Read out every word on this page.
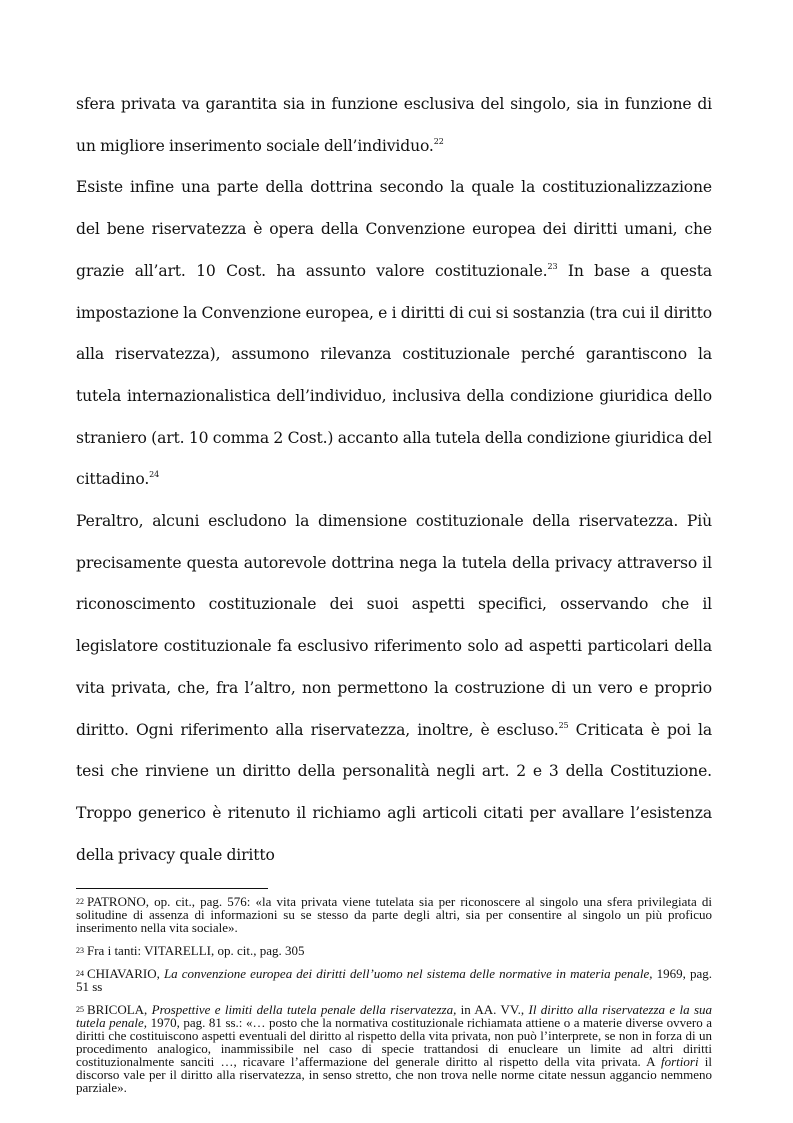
sfera privata va garantita sia in funzione esclusiva del singolo, sia in funzione di un migliore inserimento sociale dell’individuo.$^{22}$

Esiste infine una parte della dottrina secondo la quale la costituzionalizzazione del bene riservatezza è opera della Convenzione europea dei diritti umani, che grazie all’art. 10 Cost. ha assunto valore costituzionale.$^{23}$ In base a questa impostazione la Convenzione europea, e i diritti di cui si sostanzia (tra cui il diritto alla riservatezza), assumono rilevanza costituzionale perché garantiscono la tutela internazionalistica dell’individuo, inclusiva della condizione giuridica dello straniero (art. 10 comma 2 Cost.) accanto alla tutela della condizione giuridica del cittadino.$^{24}$

Peraltro, alcuni escludono la dimensione costituzionale della riservatezza. Più precisamente questa autorevole dottrina nega la tutela della privacy attraverso il riconoscimento costituzionale dei suoi aspetti specifici, osservando che il legislatore costituzionale fa esclusivo riferimento solo ad aspetti particolari della vita privata, che, fra l’altro, non permettono la costruzione di un vero e proprio diritto. Ogni riferimento alla riservatezza, inoltre, è escluso.$^{25}$ Criticata è poi la tesi che rinviene un diritto della personalità negli art. 2 e 3 della Costituzione. Troppo generico è ritenuto il richiamo agli articoli citati per avallare l’esistenza della privacy quale diritto

22 PATRONO, op. cit., pag. 576: «la vita privata viene tutelata sia per riconoscere al singolo una sfera privilegiata di solitudine di assenza di informazioni su se stesso da parte degli altri, sia per consentire al singolo un più proficuo inserimento nella vita sociale».
23 Fra i tanti: VITARELLI, op. cit., pag. 305
24 CHIAVARIO, La convenzione europea dei diritti dell’uomo nel sistema delle normative in materia penale, 1969, pag. 51 ss
25 BRICOLA, Prospettive e limiti della tutela penale della riservatezza, in AA. VV., Il diritto alla riservatezza e la sua tutela penale, 1970, pag. 81 ss.: «… posto che la normativa costituzionale richiamata attiene o a materie diverse ovvero a diritti che costituiscono aspetti eventuali del diritto al rispetto della vita privata, non può l’interprete, se non in forza di un procedimento analogico, inammissibile nel caso di specie trattandosi di enucleare un limite ad altri diritti costituzionalmente sanciti …, ricavare l’affermazione del generale diritto al rispetto della vita privata. A fortiori il discorso vale per il diritto alla riservatezza, in senso stretto, che non trova nelle norme citate nessun aggancio nemmeno parziale».
